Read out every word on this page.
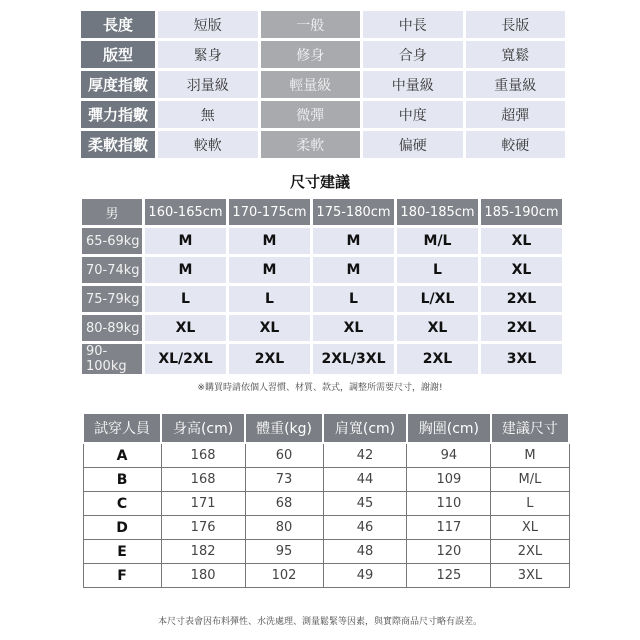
長度	短版	一般	中長	長版
版型	緊身	修身	合身	寬鬆
厚度指數	羽量級	輕量級	中量級	重量級
彈力指數	無	微彈	中度	超彈
柔軟指數	較軟	柔軟	偏硬	較硬
尺寸建議
男	160-165cm	170-175cm	175-180cm	180-185cm	185-190cm
65-69kg	M	M	M	M/L	XL
70-74kg	M	M	M	L	XL
75-79kg	L	L	L	L/XL	2XL
80-89kg	XL	XL	XL	XL	2XL
90-100kg	XL/2XL	2XL	2XL/3XL	2XL	3XL
※購買時請依個人習慣、材質、款式，調整所需要尺寸，謝謝!
試穿人員	身高(cm)	體重(kg)	肩寬(cm)	胸圍(cm)	建議尺寸
A	168	60	42	94	M
B	168	73	44	109	M/L
C	171	68	45	110	L
D	176	80	46	117	XL
E	182	95	48	120	2XL
F	180	102	49	125	3XL
本尺寸表會因布料彈性、水洗處理、測量鬆緊等因素，與實際商品尺寸略有誤差。
